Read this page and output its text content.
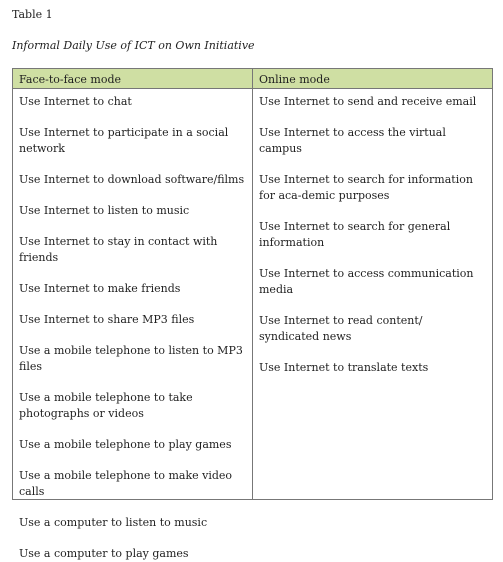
Table 1
Informal Daily Use of ICT on Own Initiative
Face-to-face mode	Online mode
Use Internet to chat
Use Internet to participate in a social network
Use Internet to download software/films
Use Internet to listen to music
Use Internet to stay in contact with friends
Use Internet to make friends
Use Internet to share MP3 files
Use a mobile telephone to listen to MP3 files
Use a mobile telephone to take photographs or videos
Use a mobile telephone to play games
Use a mobile telephone to make video calls
Use a computer to listen to music
Use a computer to play games
Use Internet to send and receive email
Use Internet to access the virtual campus
Use Internet to search for information for aca-demic purposes
Use Internet to search for general information
Use Internet to access communication media
Use Internet to read content/ syndicated news
Use Internet to translate texts
